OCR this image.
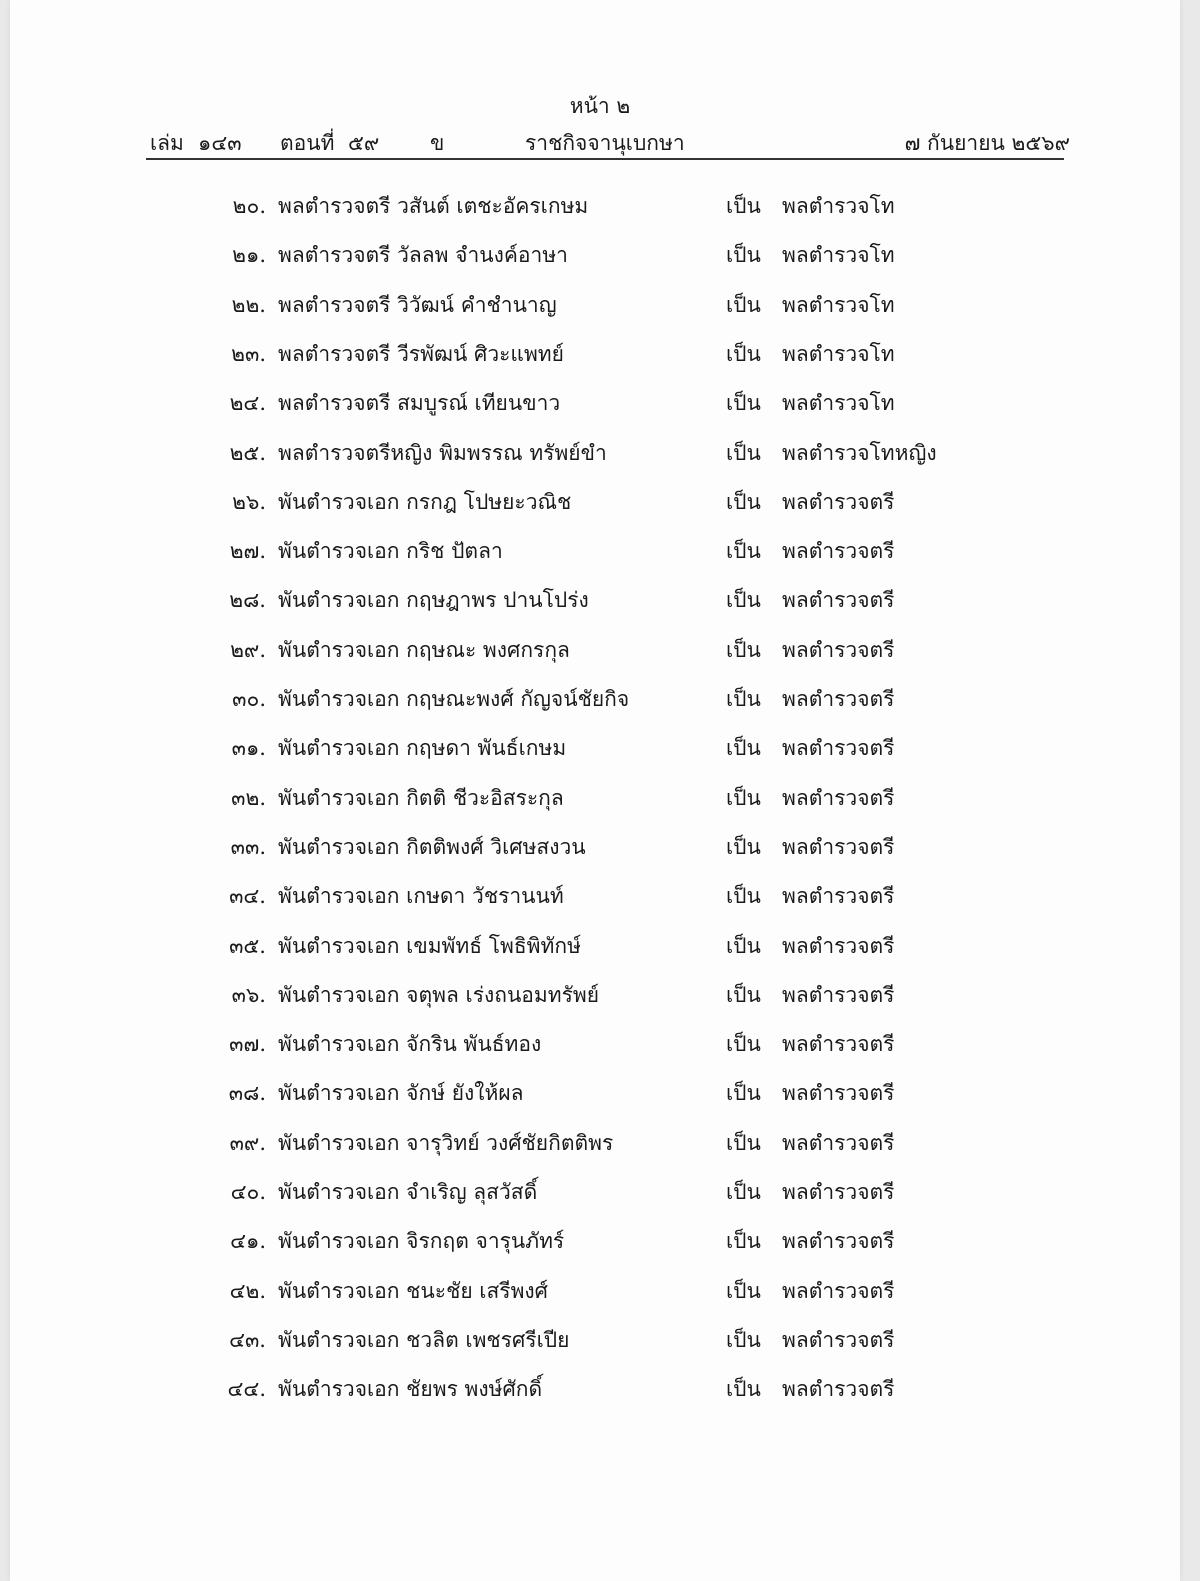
หน้า ๒
เล่ม ๑๔๓ ตอนที่ ๕๙ ข	ราชกิจจานุเบกษา	๗ กันยายน ๒๕๖๙
๒๐. พลตำรวจตรี วสันต์ เตชะอัครเกษม	เป็น พลตำรวจโท
๒๑. พลตำรวจตรี วัลลพ จำนงค์อาษา	เป็น พลตำรวจโท
๒๒. พลตำรวจตรี วิวัฒน์ คำชำนาญ	เป็น พลตำรวจโท
๒๓. พลตำรวจตรี วีรพัฒน์ ศิวะแพทย์	เป็น พลตำรวจโท
๒๔. พลตำรวจตรี สมบูรณ์ เทียนขาว	เป็น พลตำรวจโท
๒๕. พลตำรวจตรีหญิง พิมพรรณ ทรัพย์ขำ	เป็น พลตำรวจโทหญิง
๒๖. พันตำรวจเอก กรกฎ โปษยะวณิช	เป็น พลตำรวจตรี
๒๗. พันตำรวจเอก กริช ปัตลา	เป็น พลตำรวจตรี
๒๘. พันตำรวจเอก กฤษฎาพร ปานโปร่ง	เป็น พลตำรวจตรี
๒๙. พันตำรวจเอก กฤษณะ พงศกรกุล	เป็น พลตำรวจตรี
๓๐. พันตำรวจเอก กฤษณะพงศ์ กัญจน์ชัยกิจ	เป็น พลตำรวจตรี
๓๑. พันตำรวจเอก กฤษดา พันธ์เกษม	เป็น พลตำรวจตรี
๓๒. พันตำรวจเอก กิตติ ชีวะอิสระกุล	เป็น พลตำรวจตรี
๓๓. พันตำรวจเอก กิตติพงศ์ วิเศษสงวน	เป็น พลตำรวจตรี
๓๔. พันตำรวจเอก เกษดา วัชรานนท์	เป็น พลตำรวจตรี
๓๕. พันตำรวจเอก เขมพัทธ์ โพธิพิทักษ์	เป็น พลตำรวจตรี
๓๖. พันตำรวจเอก จตุพล เร่งถนอมทรัพย์	เป็น พลตำรวจตรี
๓๗. พันตำรวจเอก จักริน พันธ์ทอง	เป็น พลตำรวจตรี
๓๘. พันตำรวจเอก จักษ์ ยังให้ผล	เป็น พลตำรวจตรี
๓๙. พันตำรวจเอก จารุวิทย์ วงศ์ชัยกิตติพร	เป็น พลตำรวจตรี
๔๐. พันตำรวจเอก จำเริญ ลุสวัสดิ์	เป็น พลตำรวจตรี
๔๑. พันตำรวจเอก จิรกฤต จารุนภัทร์	เป็น พลตำรวจตรี
๔๒. พันตำรวจเอก ชนะชัย เสรีพงศ์	เป็น พลตำรวจตรี
๔๓. พันตำรวจเอก ชวลิต เพชรศรีเปีย	เป็น พลตำรวจตรี
๔๔. พันตำรวจเอก ชัยพร พงษ์ศักดิ์	เป็น พลตำรวจตรี
